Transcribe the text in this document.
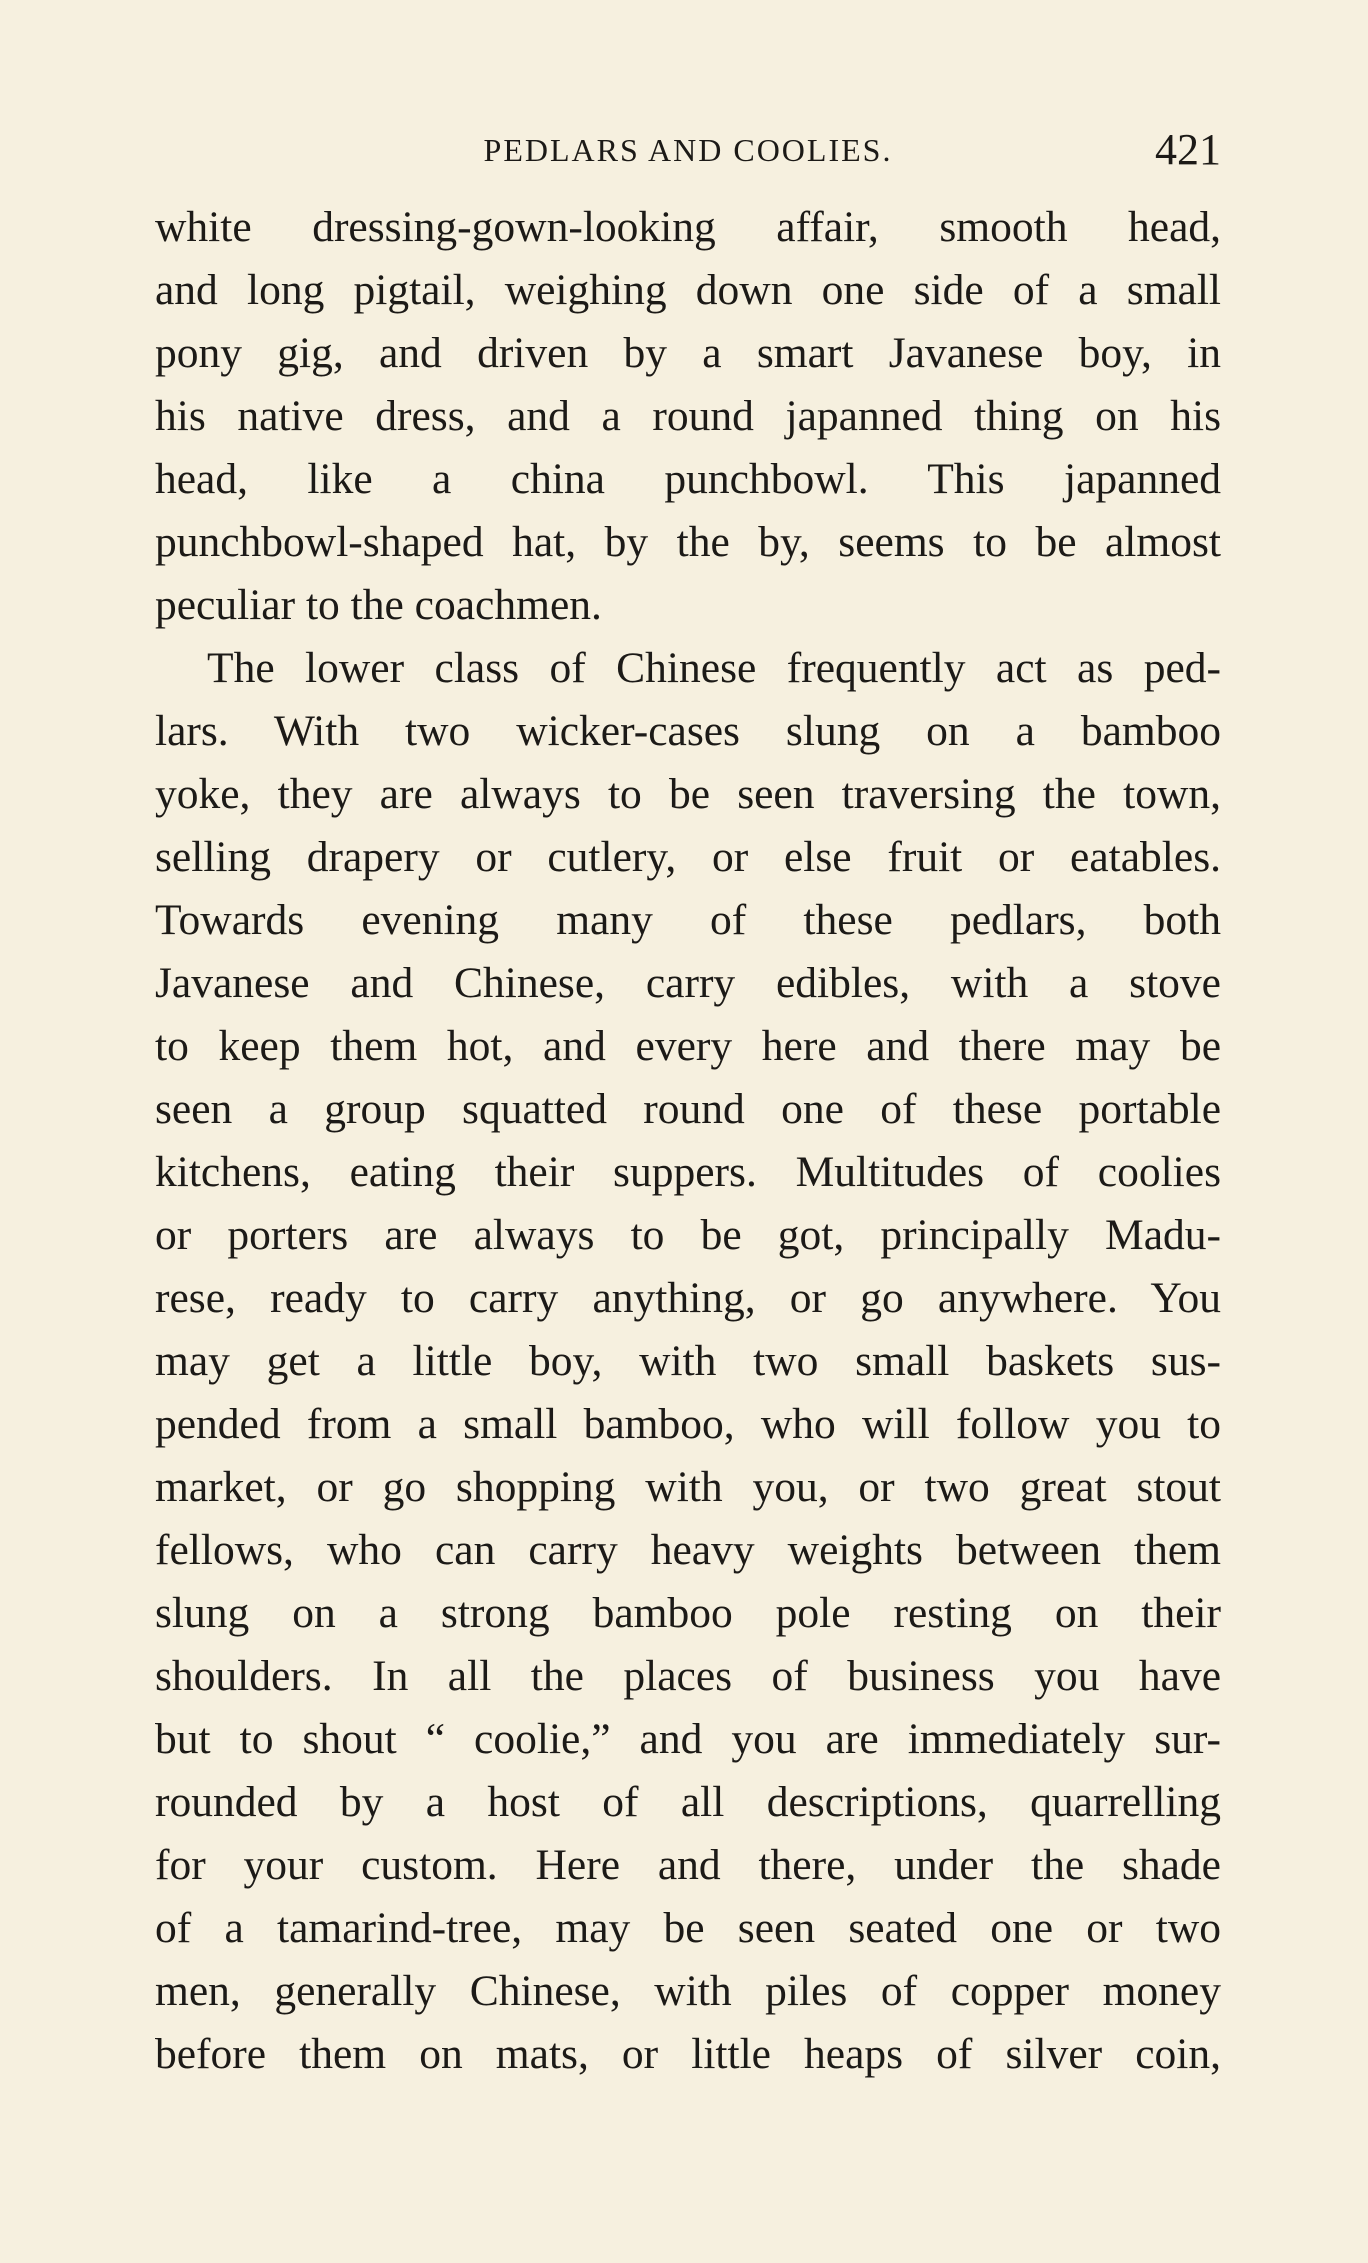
PEDLARS AND COOLIES.	421
white dressing-gown-looking affair, smooth head,
and long pigtail, weighing down one side of a small
pony gig, and driven by a smart Javanese boy, in
his native dress, and a round japanned thing on his
head, like a china punchbowl. This japanned
punchbowl-shaped hat, by the by, seems to be almost
peculiar to the coachmen.
The lower class of Chinese frequently act as ped-
lars. With two wicker-cases slung on a bamboo
yoke, they are always to be seen traversing the town,
selling drapery or cutlery, or else fruit or eatables.
Towards evening many of these pedlars, both
Javanese and Chinese, carry edibles, with a stove
to keep them hot, and every here and there may be
seen a group squatted round one of these portable
kitchens, eating their suppers. Multitudes of coolies
or porters are always to be got, principally Madu-
rese, ready to carry anything, or go anywhere. You
may get a little boy, with two small baskets sus-
pended from a small bamboo, who will follow you to
market, or go shopping with you, or two great stout
fellows, who can carry heavy weights between them
slung on a strong bamboo pole resting on their
shoulders. In all the places of business you have
but to shout “ coolie,” and you are immediately sur-
rounded by a host of all descriptions, quarrelling
for your custom. Here and there, under the shade
of a tamarind-tree, may be seen seated one or two
men, generally Chinese, with piles of copper money
before them on mats, or little heaps of silver coin,
